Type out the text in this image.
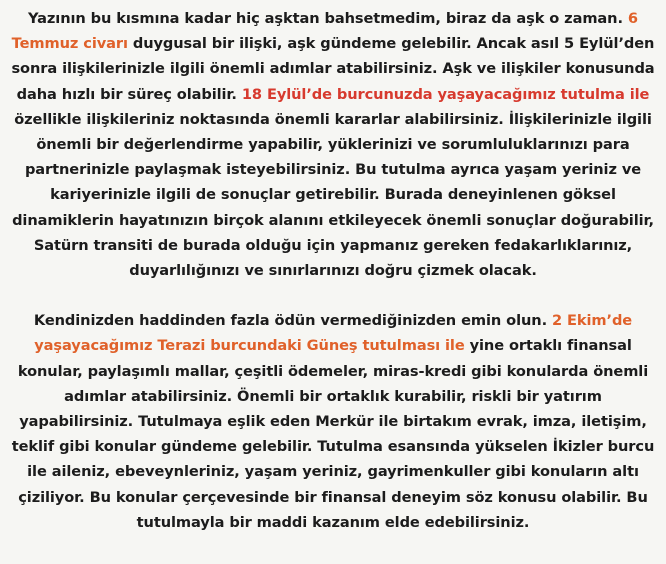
Yazının bu kısmına kadar hiç aşktan bahsetmedim, biraz da aşk o zaman. 6 Temmuz civarı duygusal bir ilişki, aşk gündeme gelebilir. Ancak asıl 5 Eylül’den sonra ilişkilerinizle ilgili önemli adımlar atabilirsiniz. Aşk ve ilişkiler konusunda daha hızlı bir süreç olabilir. 18 Eylül’de burcunuzda yaşayacağımız tutulma ile özellikle ilişkileriniz noktasında önemli kararlar alabilirsiniz. İlişkilerinizle ilgili önemli bir değerlendirme yapabilir, yüklerinizi ve sorumluluklarınızı para partnerinizle paylaşmak isteyebilirsiniz. Bu tutulma ayrıca yaşam yeriniz ve kariyerinizle ilgili de sonuçlar getirebilir. Burada deneyinlenen göksel dinamiklerin hayatınızın birçok alanını etkileyecek önemli sonuçlar doğurabilir, Satürn transiti de burada olduğu için yapmanız gereken fedakarlıklarınız, duyarlılığınızı ve sınırlarınızı doğru çizmek olacak.

Kendinizden haddinden fazla ödün vermediğinizden emin olun. 2 Ekim’de yaşayacağımız Terazi burcundaki Güneş tutulması ile yine ortaklı finansal konular, paylaşımlı mallar, çeşitli ödemeler, miras-kredi gibi konularda önemli adımlar atabilirsiniz. Önemli bir ortaklık kurabilir, riskli bir yatırım yapabilirsiniz. Tutulmaya eşlik eden Merkür ile birtakım evrak, imza, iletişim, teklif gibi konular gündeme gelebilir. Tutulma esansında yükselen İkizler burcu ile aileniz, ebeveynleriniz, yaşam yeriniz, gayrimenkuller gibi konuların altı çiziliyor. Bu konular çerçevesinde bir finansal deneyim söz konusu olabilir. Bu tutulmayla bir maddi kazanım elde edebilirsiniz.
